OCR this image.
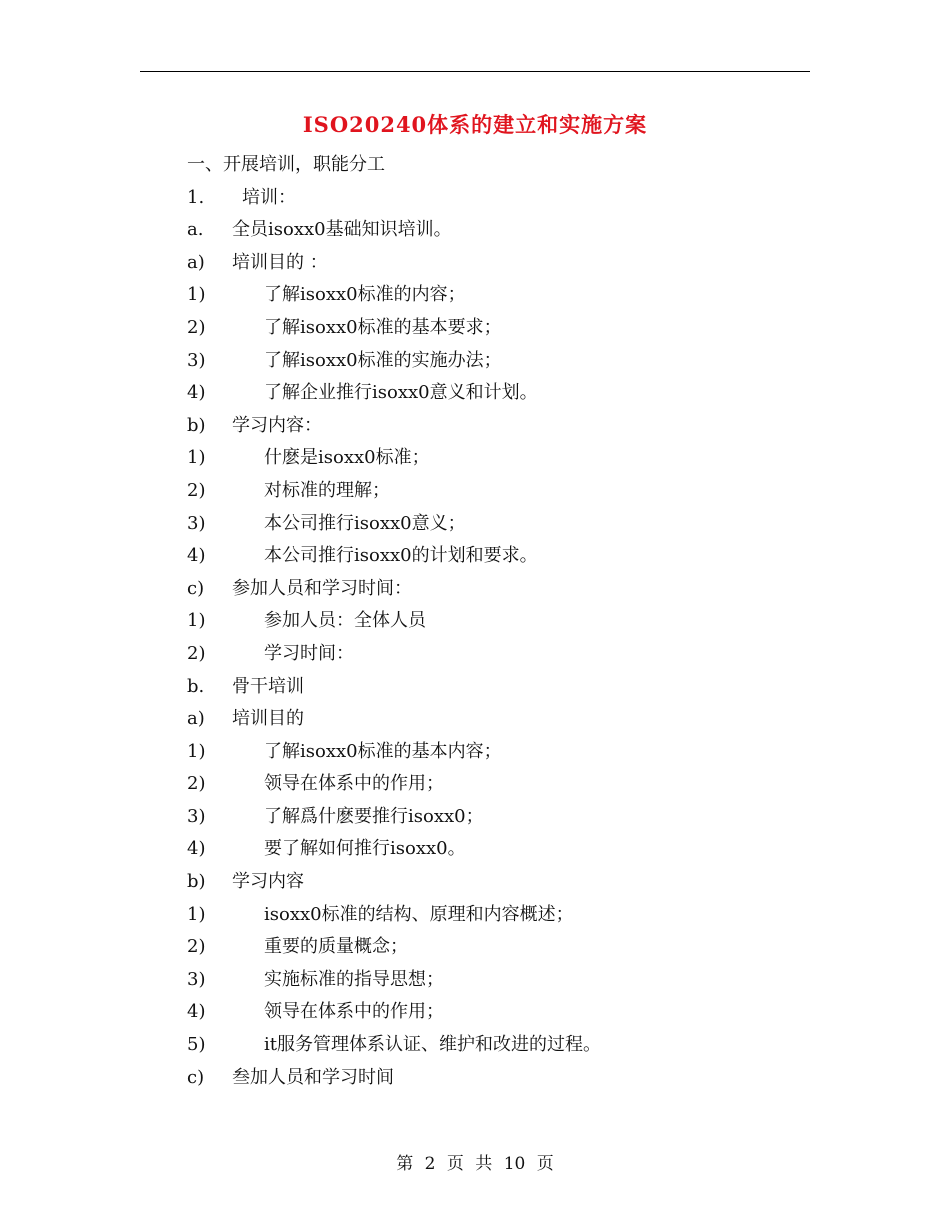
ISO20240体系的建立和实施方案
一、开展培训，职能分工
1. 培训：
a. 全员isoxx0基础知识培训。
a) 培训目的 ：
1)	了解isoxx0标准的内容；
2)	了解isoxx0标准的基本要求；
3)	了解isoxx0标准的实施办法；
4)	了解企业推行isoxx0意义和计划。
b) 学习内容：
1)	什麽是isoxx0标准；
2)	对标准的理解；
3)	本公司推行isoxx0意义；
4)	本公司推行isoxx0的计划和要求。
c) 参加人员和学习时间：
1)	参加人员：全体人员
2)	学习时间：
b. 骨干培训
a) 培训目的
1)	了解isoxx0标准的基本内容；
2)	领导在体系中的作用；
3)	了解爲什麽要推行isoxx0；
4)	要了解如何推行isoxx0。
b) 学习内容
1)	isoxx0标准的结构、原理和内容概述；
2)	重要的质量概念；
3)	实施标准的指导思想；
4)	领导在体系中的作用；
5)	it服务管理体系认证、维护和改进的过程。
c) 叁加人员和学习时间
第 2 页 共 10 页
